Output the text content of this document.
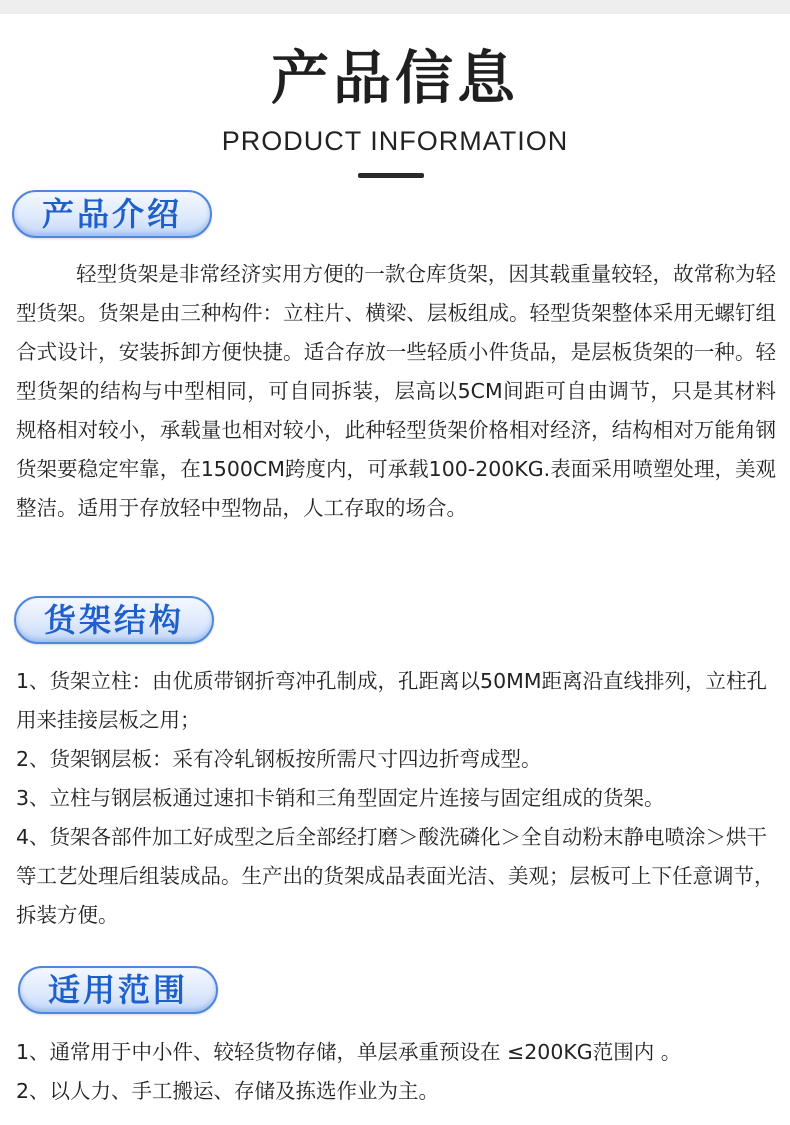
产品信息
PRODUCT INFORMATION
产品介绍

轻型货架是非常经济实用方便的一款仓库货架，因其载重量较轻，故常称为轻型货架。货架是由三种构件：立柱片、横梁、层板组成。轻型货架整体采用无螺钉组合式设计，安装拆卸方便快捷。适合存放一些轻质小件货品，是层板货架的一种。轻型货架的结构与中型相同，可自同拆装，层高以5CM间距可自由调节，只是其材料规格相对较小，承载量也相对较小，此种轻型货架价格相对经济，结构相对万能角钢货架要稳定牢靠，在1500CM跨度内，可承载100-200KG.表面采用喷塑处理，美观整洁。适用于存放轻中型物品，人工存取的场合。

货架结构

1、货架立柱：由优质带钢折弯冲孔制成，孔距离以50MM距离沿直线排列，立柱孔用来挂接层板之用；

2、货架钢层板：采有冷轧钢板按所需尺寸四边折弯成型。

3、立柱与钢层板通过速扣卡销和三角型固定片连接与固定组成的货架。

4、货架各部件加工好成型之后全部经打磨＞酸洗磷化＞全自动粉末静电喷涂＞烘干等工艺处理后组装成品。生产出的货架成品表面光洁、美观；层板可上下任意调节，拆装方便。

适用范围

1、通常用于中小件、较轻货物存储，单层承重预设在 ≤200KG范围内 。

2、以人力、手工搬运、存储及拣选作业为主。
